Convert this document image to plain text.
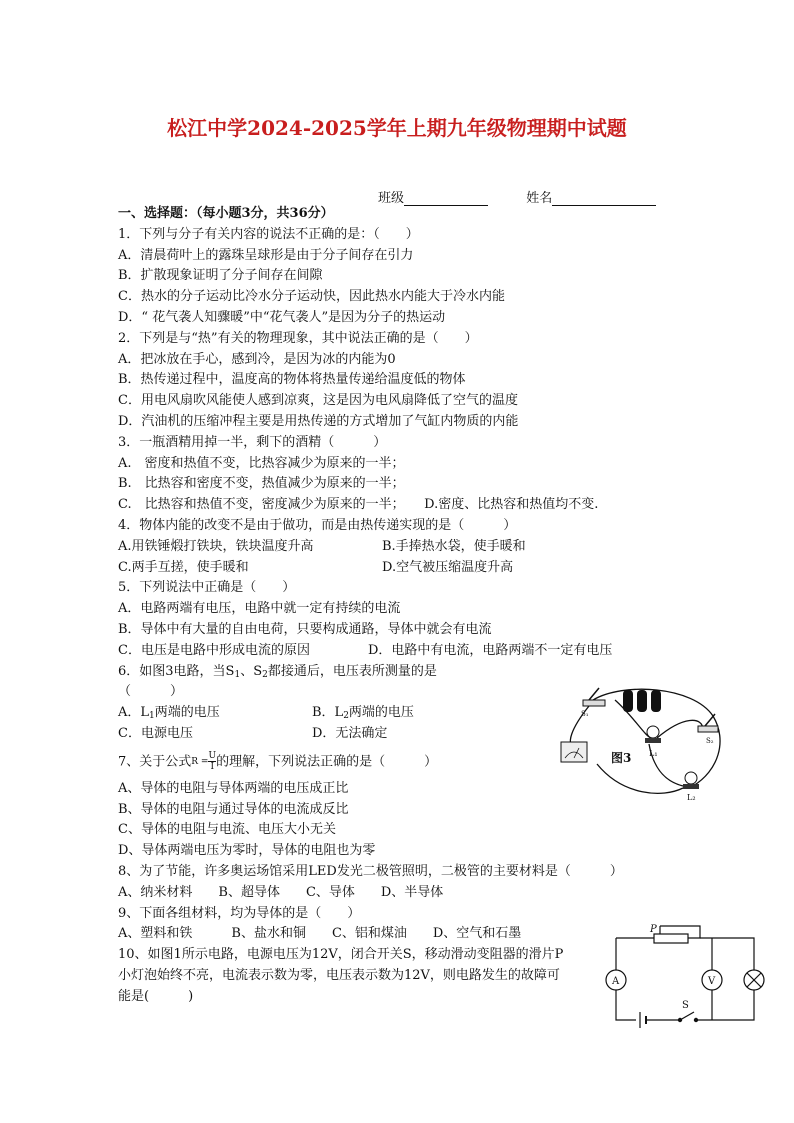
松江中学2024-2025学年上期九年级物理期中试题
班级	姓名
一、选择题：（每小题3分，共36分）
1．下列与分子有关内容的说法不正确的是：（　　）
A．清晨荷叶上的露珠呈球形是由于分子间存在引力
B．扩散现象证明了分子间存在间隙
C．热水的分子运动比冷水分子运动快，因此热水内能大于冷水内能
D．“ 花气袭人知骤暖”中“花气袭人”是因为分子的热运动
2．下列是与“热”有关的物理现象，其中说法正确的是（　　）
A．把冰放在手心，感到冷，是因为冰的内能为0
B．热传递过程中，温度高的物体将热量传递给温度低的物体
C．用电风扇吹风能使人感到凉爽，这是因为电风扇降低了空气的温度
D．汽油机的压缩冲程主要是用热传递的方式增加了气缸内物质的内能
3．一瓶酒精用掉一半，剩下的酒精（　　　）
A.　密度和热值不变，比热容减少为原来的一半；
B.　比热容和密度不变，热值减少为原来的一半；
C.　比热容和热值不变，密度减少为原来的一半；　　D.密度、比热容和热值均不变.
4．物体内能的改变不是由于做功，而是由热传递实现的是（　　　）
A.用铁锤煅打铁块，铁块温度升高	B.手捧热水袋，使手暖和
C.两手互搓，使手暖和	D.空气被压缩温度升高
5．下列说法中正确是（　　）
A．电路两端有电压，电路中就一定有持续的电流
B．导体中有大量的自由电荷，只要构成通路，导体中就会有电流
C．电压是电路中形成电流的原因	D．电路中有电流，电路两端不一定有电压
6．如图3电路，当$S_1$、$S_2$都接通后，电压表所测量的是
（　　　）
A．$L_1$两端的电压	B．$L_2$两端的电压
C．电源电压	D．无法确定
7、关于公式$R = \frac{U}{I}$的理解，下列说法正确的是（　　　）
A、导体的电阻与导体两端的电压成正比
B、导体的电阻与通过导体的电流成反比
C、导体的电阻与电流、电压大小无关
D、导体两端电压为零时，导体的电阻也为零
8、为了节能，许多奥运场馆采用LED发光二极管照明，二极管的主要材料是（　　　）
A、纳米材料　　B、超导体　　C、导体　　D、半导体
9、下面各组材料，均为导体的是（　　）
A、塑料和铁　　　B、盐水和铜　　C、铝和煤油　　D、空气和石墨
10、如图1所示电路，电源电压为12V，闭合开关S，移动滑动变阻器的滑片P
小灯泡始终不亮，电流表示数为零，电压表示数为12V，则电路发生的故障可
能是(　　　)
S₁
L₁
S₂
图3
L₂
P
A	V
S
